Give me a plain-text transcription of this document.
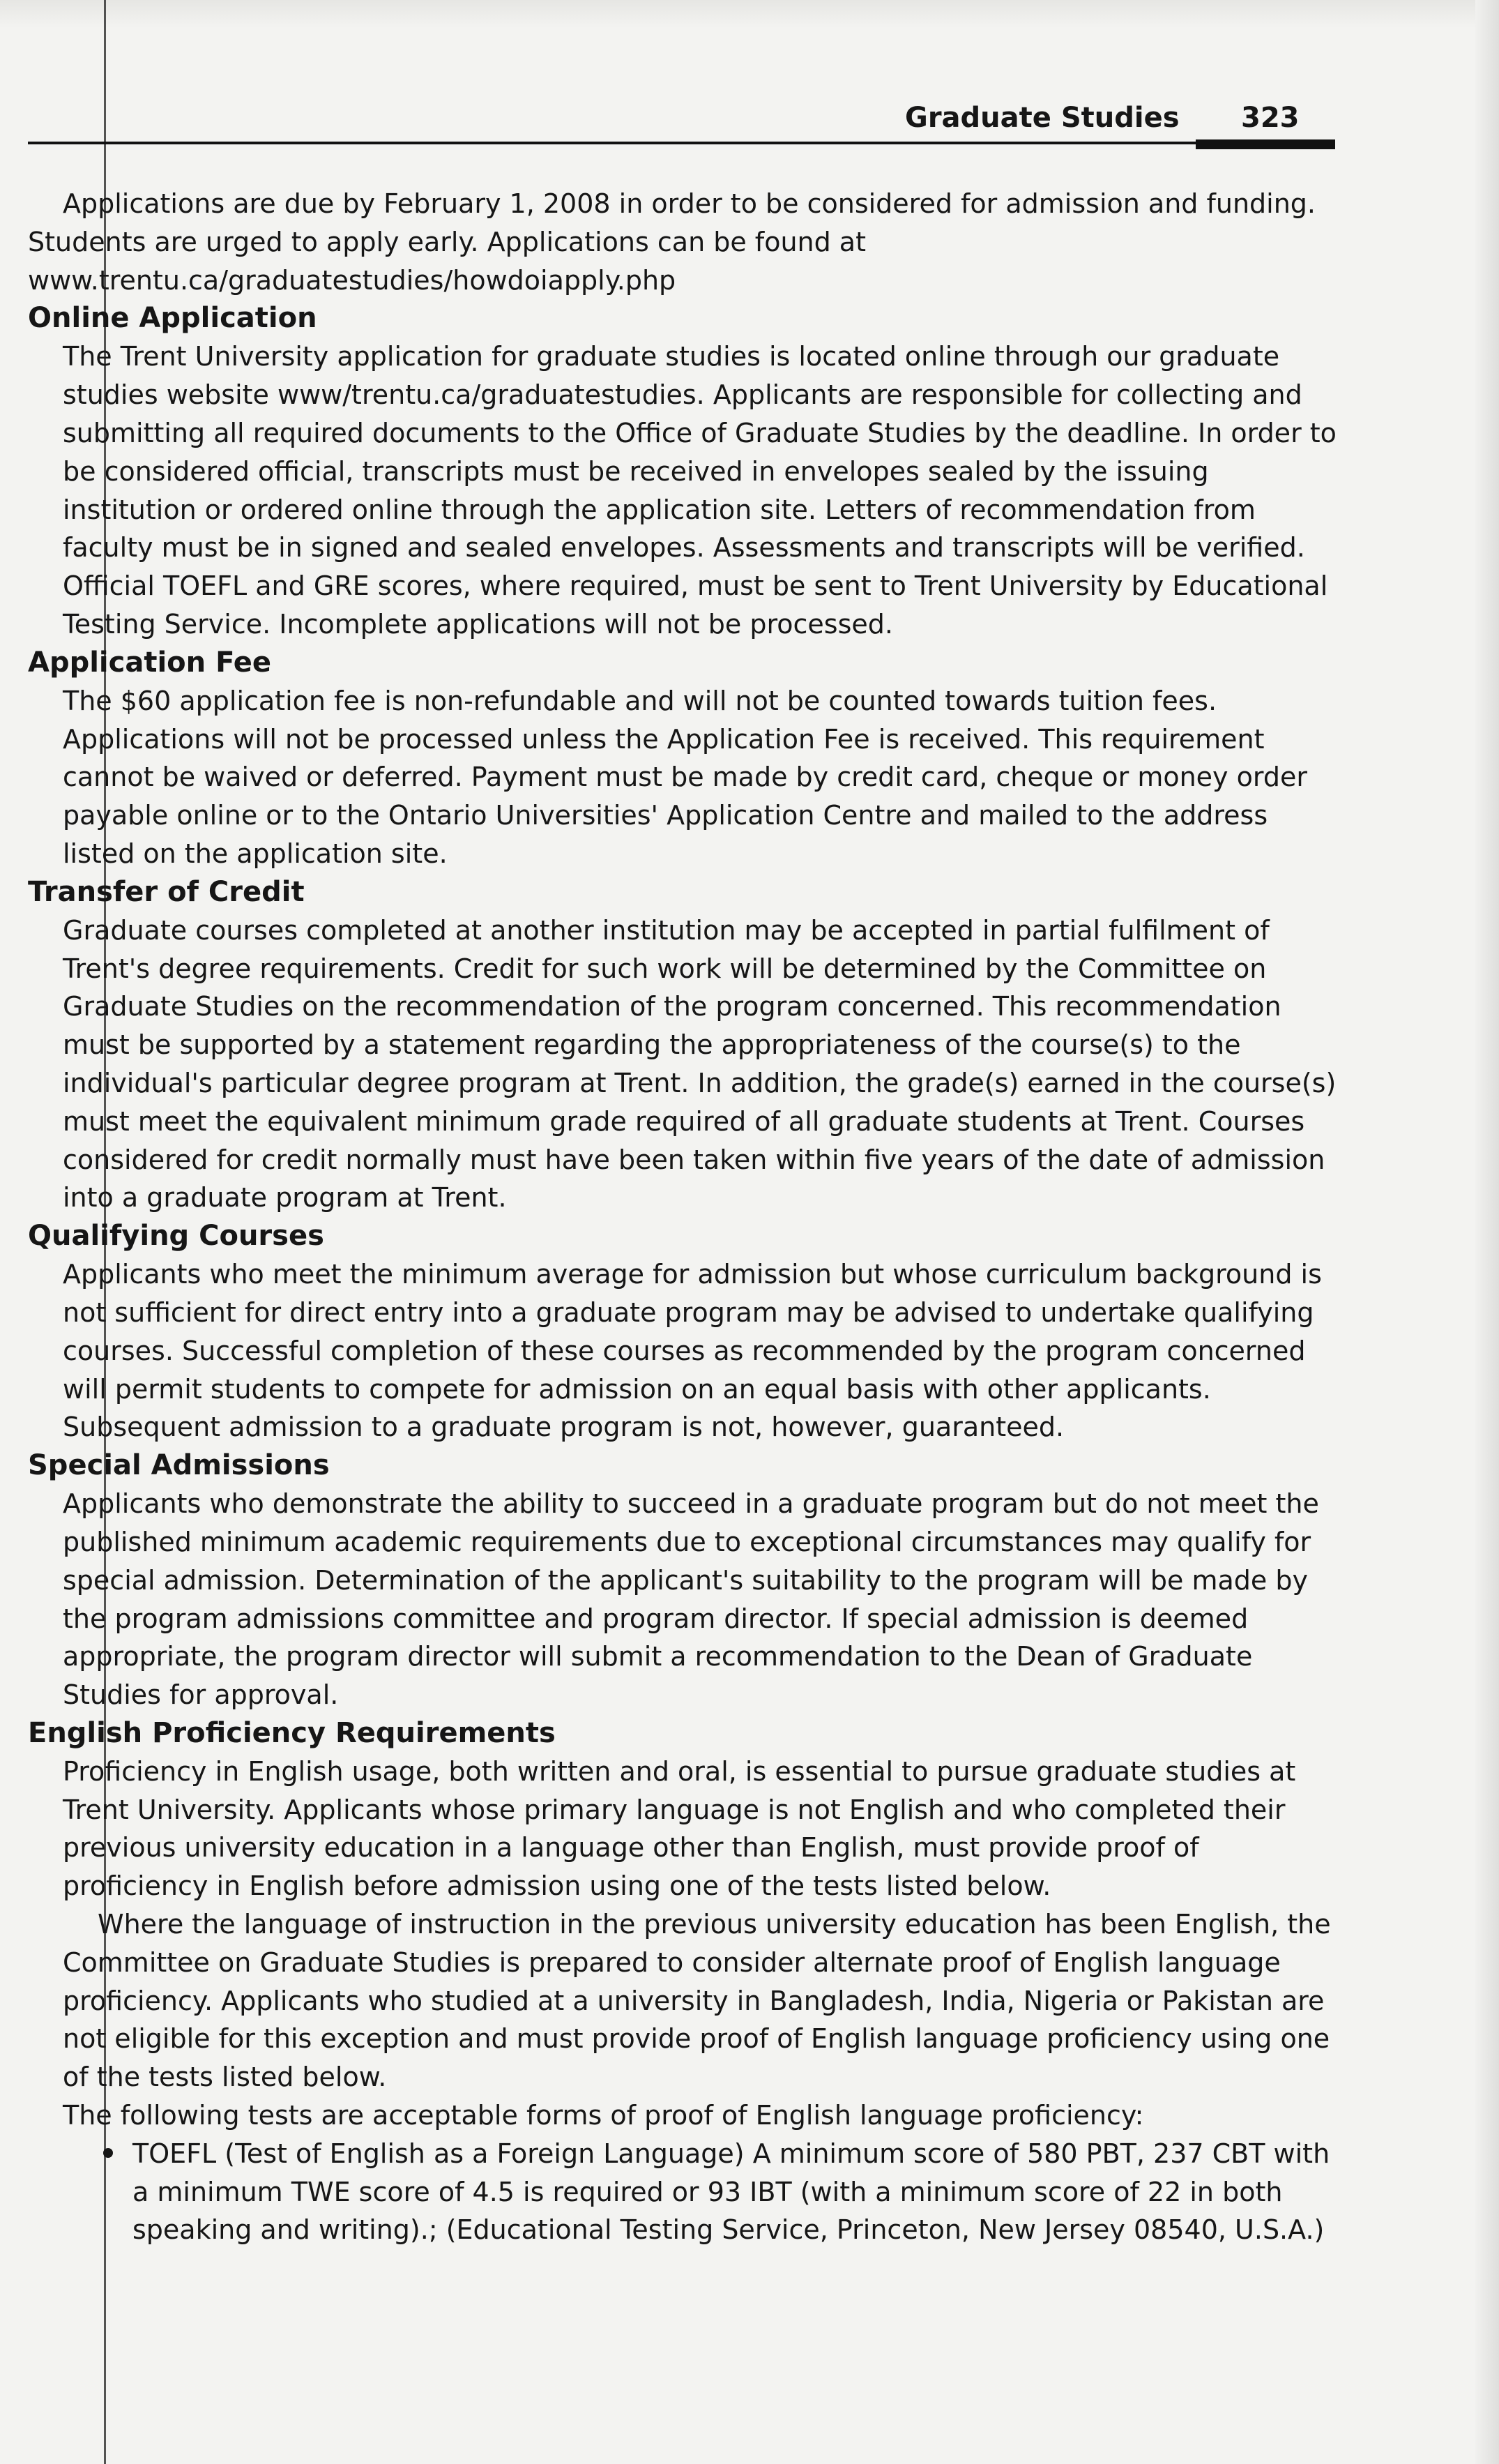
Graduate Studies 323

Applications are due by February 1, 2008 in order to be considered for admission and funding. Students are urged to apply early. Applications can be found at www.trentu.ca/graduatestudies/howdoiapply.php

Online Application

The Trent University application for graduate studies is located online through our graduate studies website www/trentu.ca/graduatestudies. Applicants are responsible for collecting and submitting all required documents to the Office of Graduate Studies by the deadline. In order to be considered official, transcripts must be received in envelopes sealed by the issuing institution or ordered online through the application site. Letters of recommendation from faculty must be in signed and sealed envelopes. Assessments and transcripts will be verified. Official TOEFL and GRE scores, where required, must be sent to Trent University by Educational Testing Service. Incomplete applications will not be processed.

Application Fee

The $60 application fee is non-refundable and will not be counted towards tuition fees. Applications will not be processed unless the Application Fee is received. This requirement cannot be waived or deferred. Payment must be made by credit card, cheque or money order payable online or to the Ontario Universities' Application Centre and mailed to the address listed on the application site.

Transfer of Credit

Graduate courses completed at another institution may be accepted in partial fulfilment of Trent's degree requirements. Credit for such work will be determined by the Committee on Graduate Studies on the recommendation of the program concerned. This recommendation must be supported by a statement regarding the appropriateness of the course(s) to the individual's particular degree program at Trent. In addition, the grade(s) earned in the course(s) must meet the equivalent minimum grade required of all graduate students at Trent. Courses considered for credit normally must have been taken within five years of the date of admission into a graduate program at Trent.

Qualifying Courses

Applicants who meet the minimum average for admission but whose curriculum background is not sufficient for direct entry into a graduate program may be advised to undertake qualifying courses. Successful completion of these courses as recommended by the program concerned will permit students to compete for admission on an equal basis with other applicants. Subsequent admission to a graduate program is not, however, guaranteed.

Special Admissions

Applicants who demonstrate the ability to succeed in a graduate program but do not meet the published minimum academic requirements due to exceptional circumstances may qualify for special admission. Determination of the applicant's suitability to the program will be made by the program admissions committee and program director. If special admission is deemed appropriate, the program director will submit a recommendation to the Dean of Graduate Studies for approval.

English Proficiency Requirements

Proficiency in English usage, both written and oral, is essential to pursue graduate studies at Trent University. Applicants whose primary language is not English and who completed their previous university education in a language other than English, must provide proof of proficiency in English before admission using one of the tests listed below.

Where the language of instruction in the previous university education has been English, the Committee on Graduate Studies is prepared to consider alternate proof of English language proficiency. Applicants who studied at a university in Bangladesh, India, Nigeria or Pakistan are not eligible for this exception and must provide proof of English language proficiency using one of the tests listed below.

The following tests are acceptable forms of proof of English language proficiency:

TOEFL (Test of English as a Foreign Language) A minimum score of 580 PBT, 237 CBT with a minimum TWE score of 4.5 is required or 93 IBT (with a minimum score of 22 in both speaking and writing).; (Educational Testing Service, Princeton, New Jersey 08540, U.S.A.)
